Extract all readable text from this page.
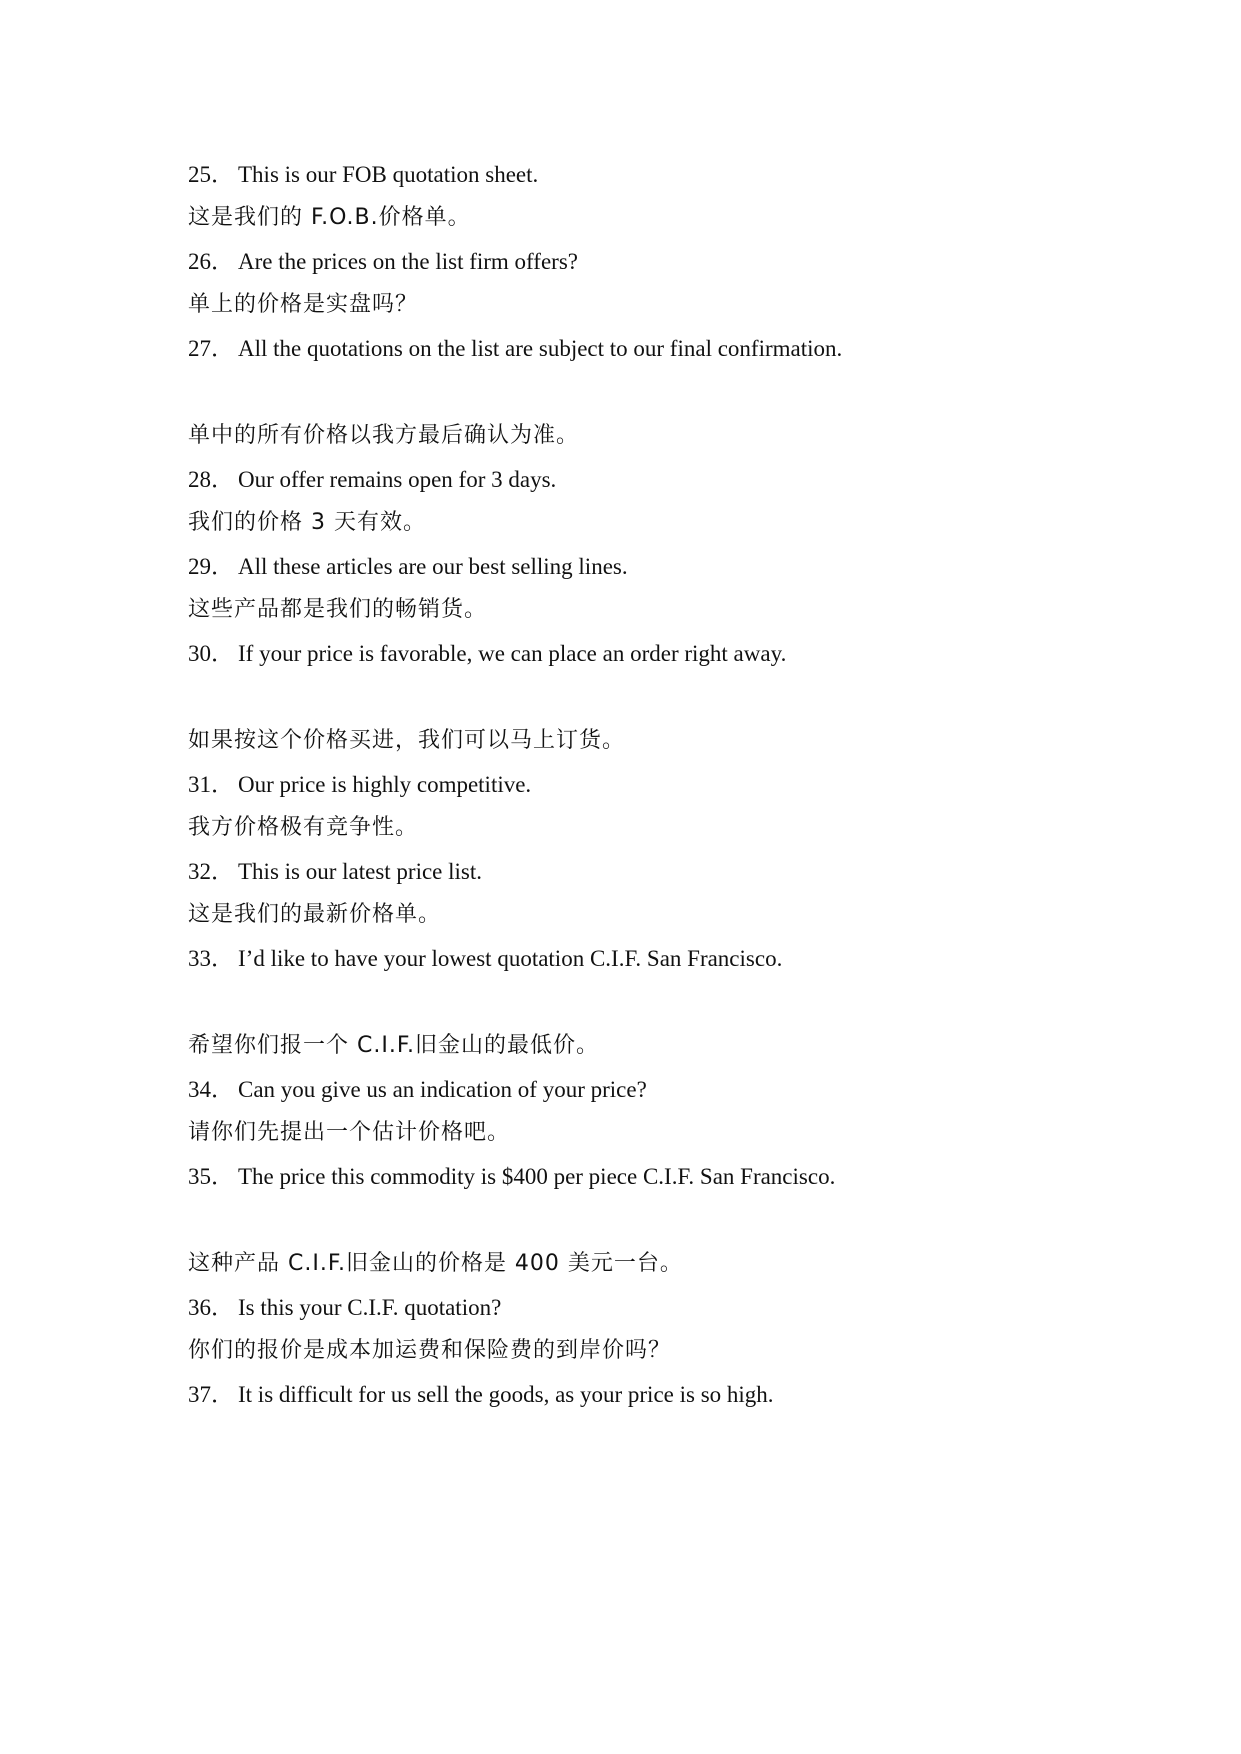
25． This is our FOB quotation sheet.
这是我们的 F.O.B.价格单。
26． Are the prices on the list firm offers?
单上的价格是实盘吗？
27． All the quotations on the list are subject to our final confirmation.
单中的所有价格以我方最后确认为准。
28． Our offer remains open for 3 days.
我们的价格 3 天有效。
29． All these articles are our best selling lines.
这些产品都是我们的畅销货。
30． If your price is favorable, we can place an order right away.
如果按这个价格买进，我们可以马上订货。
31． Our price is highly competitive.
我方价格极有竞争性。
32． This is our latest price list.
这是我们的最新价格单。
33． I’d like to have your lowest quotation C.I.F. San Francisco.
希望你们报一个 C.I.F.旧金山的最低价。
34． Can you give us an indication of your price?
请你们先提出一个估计价格吧。
35． The price this commodity is $400 per piece C.I.F. San Francisco.
这种产品 C.I.F.旧金山的价格是 400 美元一台。
36． Is this your C.I.F. quotation?
你们的报价是成本加运费和保险费的到岸价吗？
37． It is difficult for us sell the goods, as your price is so high.
